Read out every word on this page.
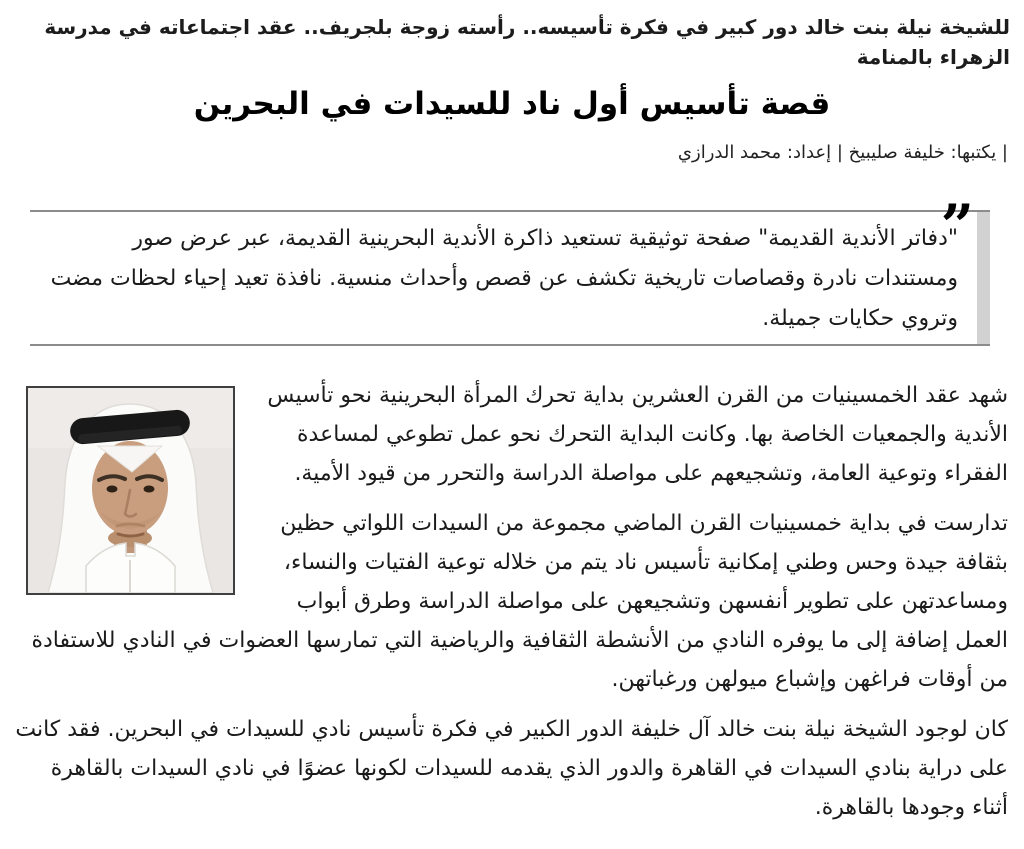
للشيخة نيلة بنت خالد دور كبير في فكرة تأسيسه.. رأسته زوجة بلجريف.. عقد اجتماعاته في مدرسة الزهراء بالمنامة
قصة تأسيس أول ناد للسيدات في البحرين
| يكتبها: خليفة صليبيخ | إعداد: محمد الدرازي
”
"دفاتر الأندية القديمة" صفحة توثيقية تستعيد ذاكرة الأندية البحرينية القديمة، عبر عرض صور ومستندات نادرة وقصاصات تاريخية تكشف عن قصص وأحداث منسية. نافذة تعيد إحياء لحظات مضت وتروي حكايات جميلة.

شهد عقد الخمسينيات من القرن العشرين بداية تحرك المرأة البحرينية نحو تأسيس الأندية والجمعيات الخاصة بها. وكانت البداية التحرك نحو عمل تطوعي لمساعدة الفقراء وتوعية العامة، وتشجيعهم على مواصلة الدراسة والتحرر من قيود الأمية.

تدارست في بداية خمسينيات القرن الماضي مجموعة من السيدات اللواتي حظين بثقافة جيدة وحس وطني إمكانية تأسيس ناد يتم من خلاله توعية الفتيات والنساء، ومساعدتهن على تطوير أنفسهن وتشجيعهن على مواصلة الدراسة وطرق أبواب العمل إضافة إلى ما يوفره النادي من الأنشطة الثقافية والرياضية التي تمارسها العضوات في النادي للاستفادة من أوقات فراغهن وإشباع ميولهن ورغباتهن.

كان لوجود الشيخة نيلة بنت خالد آل خليفة الدور الكبير في فكرة تأسيس نادي للسيدات في البحرين. فقد كانت على دراية بنادي السيدات في القاهرة والدور الذي يقدمه للسيدات لكونها عضوًا في نادي السيدات بالقاهرة أثناء وجودها بالقاهرة.
